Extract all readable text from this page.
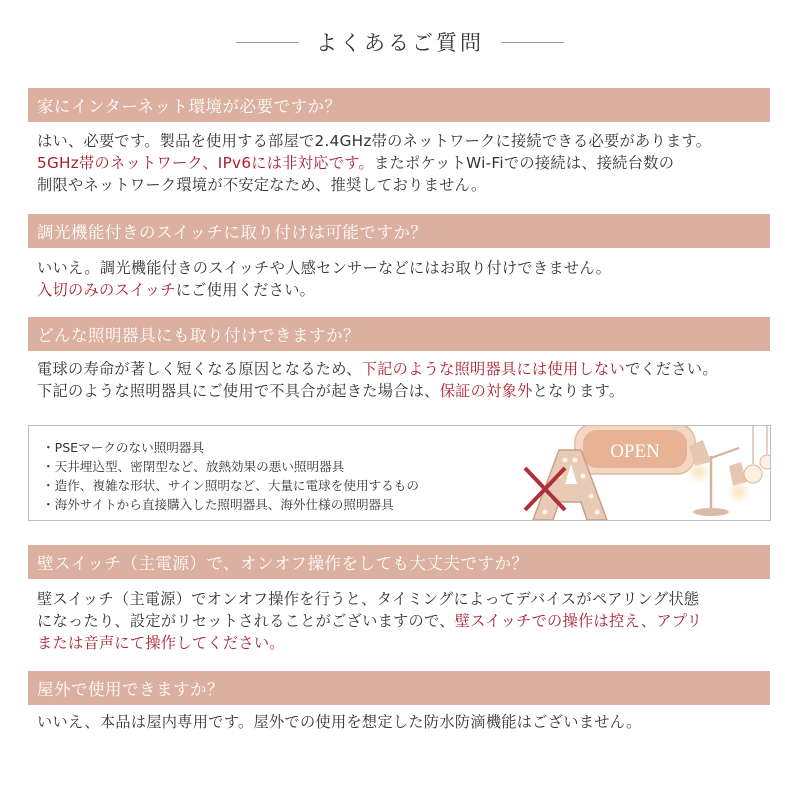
よくあるご質問
家にインターネット環境が必要ですか？

はい、必要です。製品を使用する部屋で2.4GHz帯のネットワークに接続できる必要があります。

5GHz帯のネットワーク、IPv6には非対応です。またポケットWi-Fiでの接続は、接続台数の

制限やネットワーク環境が不安定なため、推奨しておりません。

調光機能付きのスイッチに取り付けは可能ですか？

いいえ。調光機能付きのスイッチや人感センサーなどにはお取り付けできません。

入切のみのスイッチにご使用ください。

どんな照明器具にも取り付けできますか？

電球の寿命が著しく短くなる原因となるため、下記のような照明器具には使用しないでください。

下記のような照明器具にご使用で不具合が起きた場合は、保証の対象外となります。

・PSEマークのない照明器具
・天井埋込型、密閉型など、放熱効果の悪い照明器具
・造作、複雑な形状、サイン照明など、大量に電球を使用するもの
・海外サイトから直接購入した照明器具、海外仕様の照明器具
OPEN
壁スイッチ（主電源）で、オンオフ操作をしても大丈夫ですか？

壁スイッチ（主電源）でオンオフ操作を行うと、タイミングによってデバイスがペアリング状態

になったり、設定がリセットされることがございますので、壁スイッチでの操作は控え、アプリ

または音声にて操作してください。

屋外で使用できますか？

いいえ、本品は屋内専用です。屋外での使用を想定した防水防滴機能はございません。
